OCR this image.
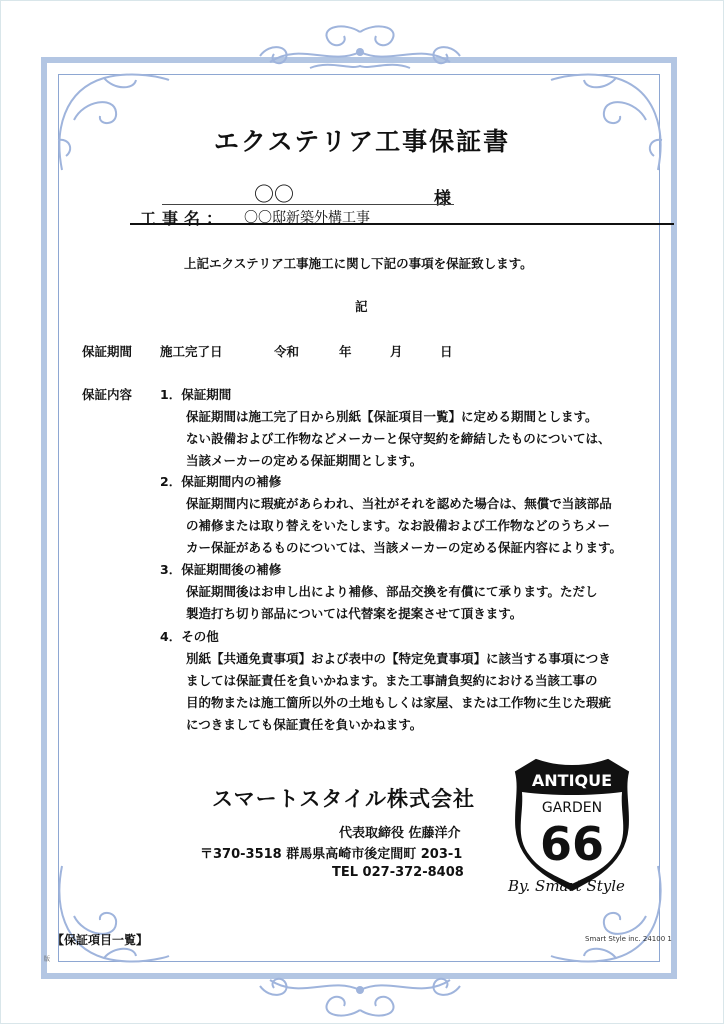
エクステリア工事保証書
〇〇	様
工事名： 〇〇邸新築外構工事
上記エクステリア工事施工に関し下記の事項を保証致します。
記
保証期間 施工完了日	令和	年	月	日
保証内容 1．保証期間
保証期間は施工完了日から別紙【保証項目一覧】に定める期間とします。
ない設備および工作物などメーカーと保守契約を締結したものについては、
当該メーカーの定める保証期間とします。
2．保証期間内の補修
保証期間内に瑕疵があらわれ、当社がそれを認めた場合は、無償で当該部品
の補修または取り替えをいたします。なお設備および工作物などのうちメー
カー保証があるものについては、当該メーカーの定める保証内容によります。
3．保証期間後の補修
保証期間後はお申し出により補修、部品交換を有償にて承ります。ただし
製造打ち切り部品については代替案を提案させて頂きます。
4．その他
別紙【共通免責事項】および表中の【特定免責事項】に該当する事項につき
ましては保証責任を負いかねます。また工事請負契約における当該工事の
目的物または施工箇所以外の土地もしくは家屋、または工作物に生じた瑕疵
につきましても保証責任を負いかねます。
スマートスタイル株式会社
代表取締役 佐藤洋介
〒370-3518 群馬県高崎市後定間町 203-1
TEL 027-372-8408
ANTIQUE
GARDEN
66
By. Smart Style
【保証項目一覧】	Smart Style inc. 24100 1
版
